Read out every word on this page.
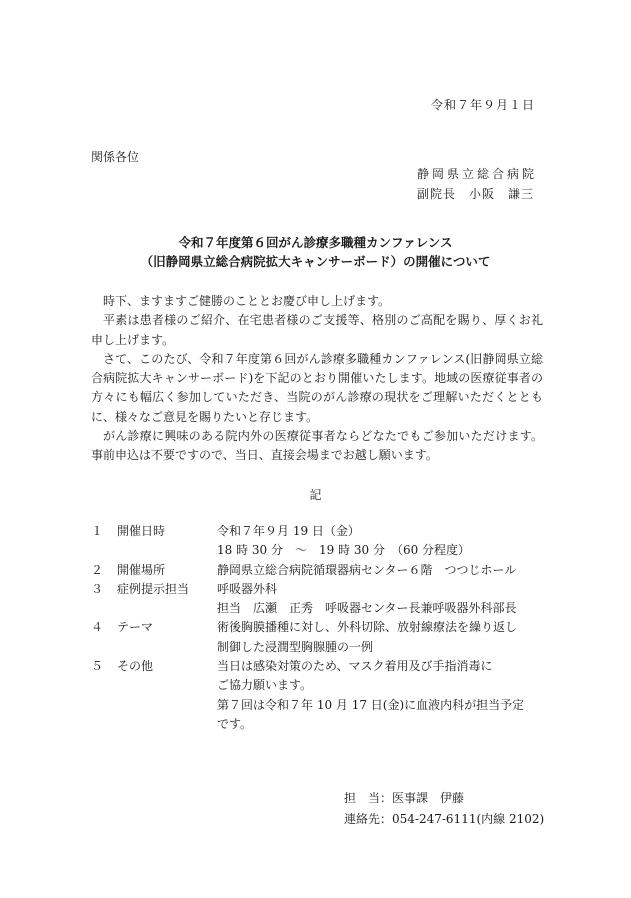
令和７年９月１日
関係各位
静岡県立総合病院
副院長　小阪　謙三
令和７年度第６回がん診療多職種カンファレンス
（旧静岡県立総合病院拡大キャンサーボード）の開催について

時下、ますますご健勝のこととお慶び申し上げます。

平素は患者様のご紹介、在宅患者様のご支援等、格別のご高配を賜り、厚くお礼申し上げます。

さて、このたび、令和７年度第６回がん診療多職種カンファレンス(旧静岡県立総合病院拡大キャンサーボード)を下記のとおり開催いたします。地域の医療従事者の方々にも幅広く参加していただき、当院のがん診療の現状をご理解いただくとともに、様々なご意見を賜りたいと存じます。

がん診療に興味のある院内外の医療従事者ならどなたでもご参加いただけます。事前申込は不要ですので、当日、直接会場までお越し願います。

記
１	開催日時	令和７年９月 19 日（金）
18 時 30 分　～　19 時 30 分　（60 分程度）
２	開催場所	静岡県立総合病院循環器病センター６階　つつじホール
３	症例提示担当	呼吸器外科
担当　広瀬　正秀　呼吸器センター長兼呼吸器外科部長
４	テーマ	術後胸膜播種に対し、外科切除、放射線療法を繰り返し
制御した浸潤型胸腺腫の一例
５	その他	当日は感染対策のため、マスク着用及び手指消毒に
ご協力願います。
第７回は令和７年 10 月 17 日(金)に血液内科が担当予定
です。
担　当：医事課　伊藤
連絡先：054-247-6111(内線 2102)
